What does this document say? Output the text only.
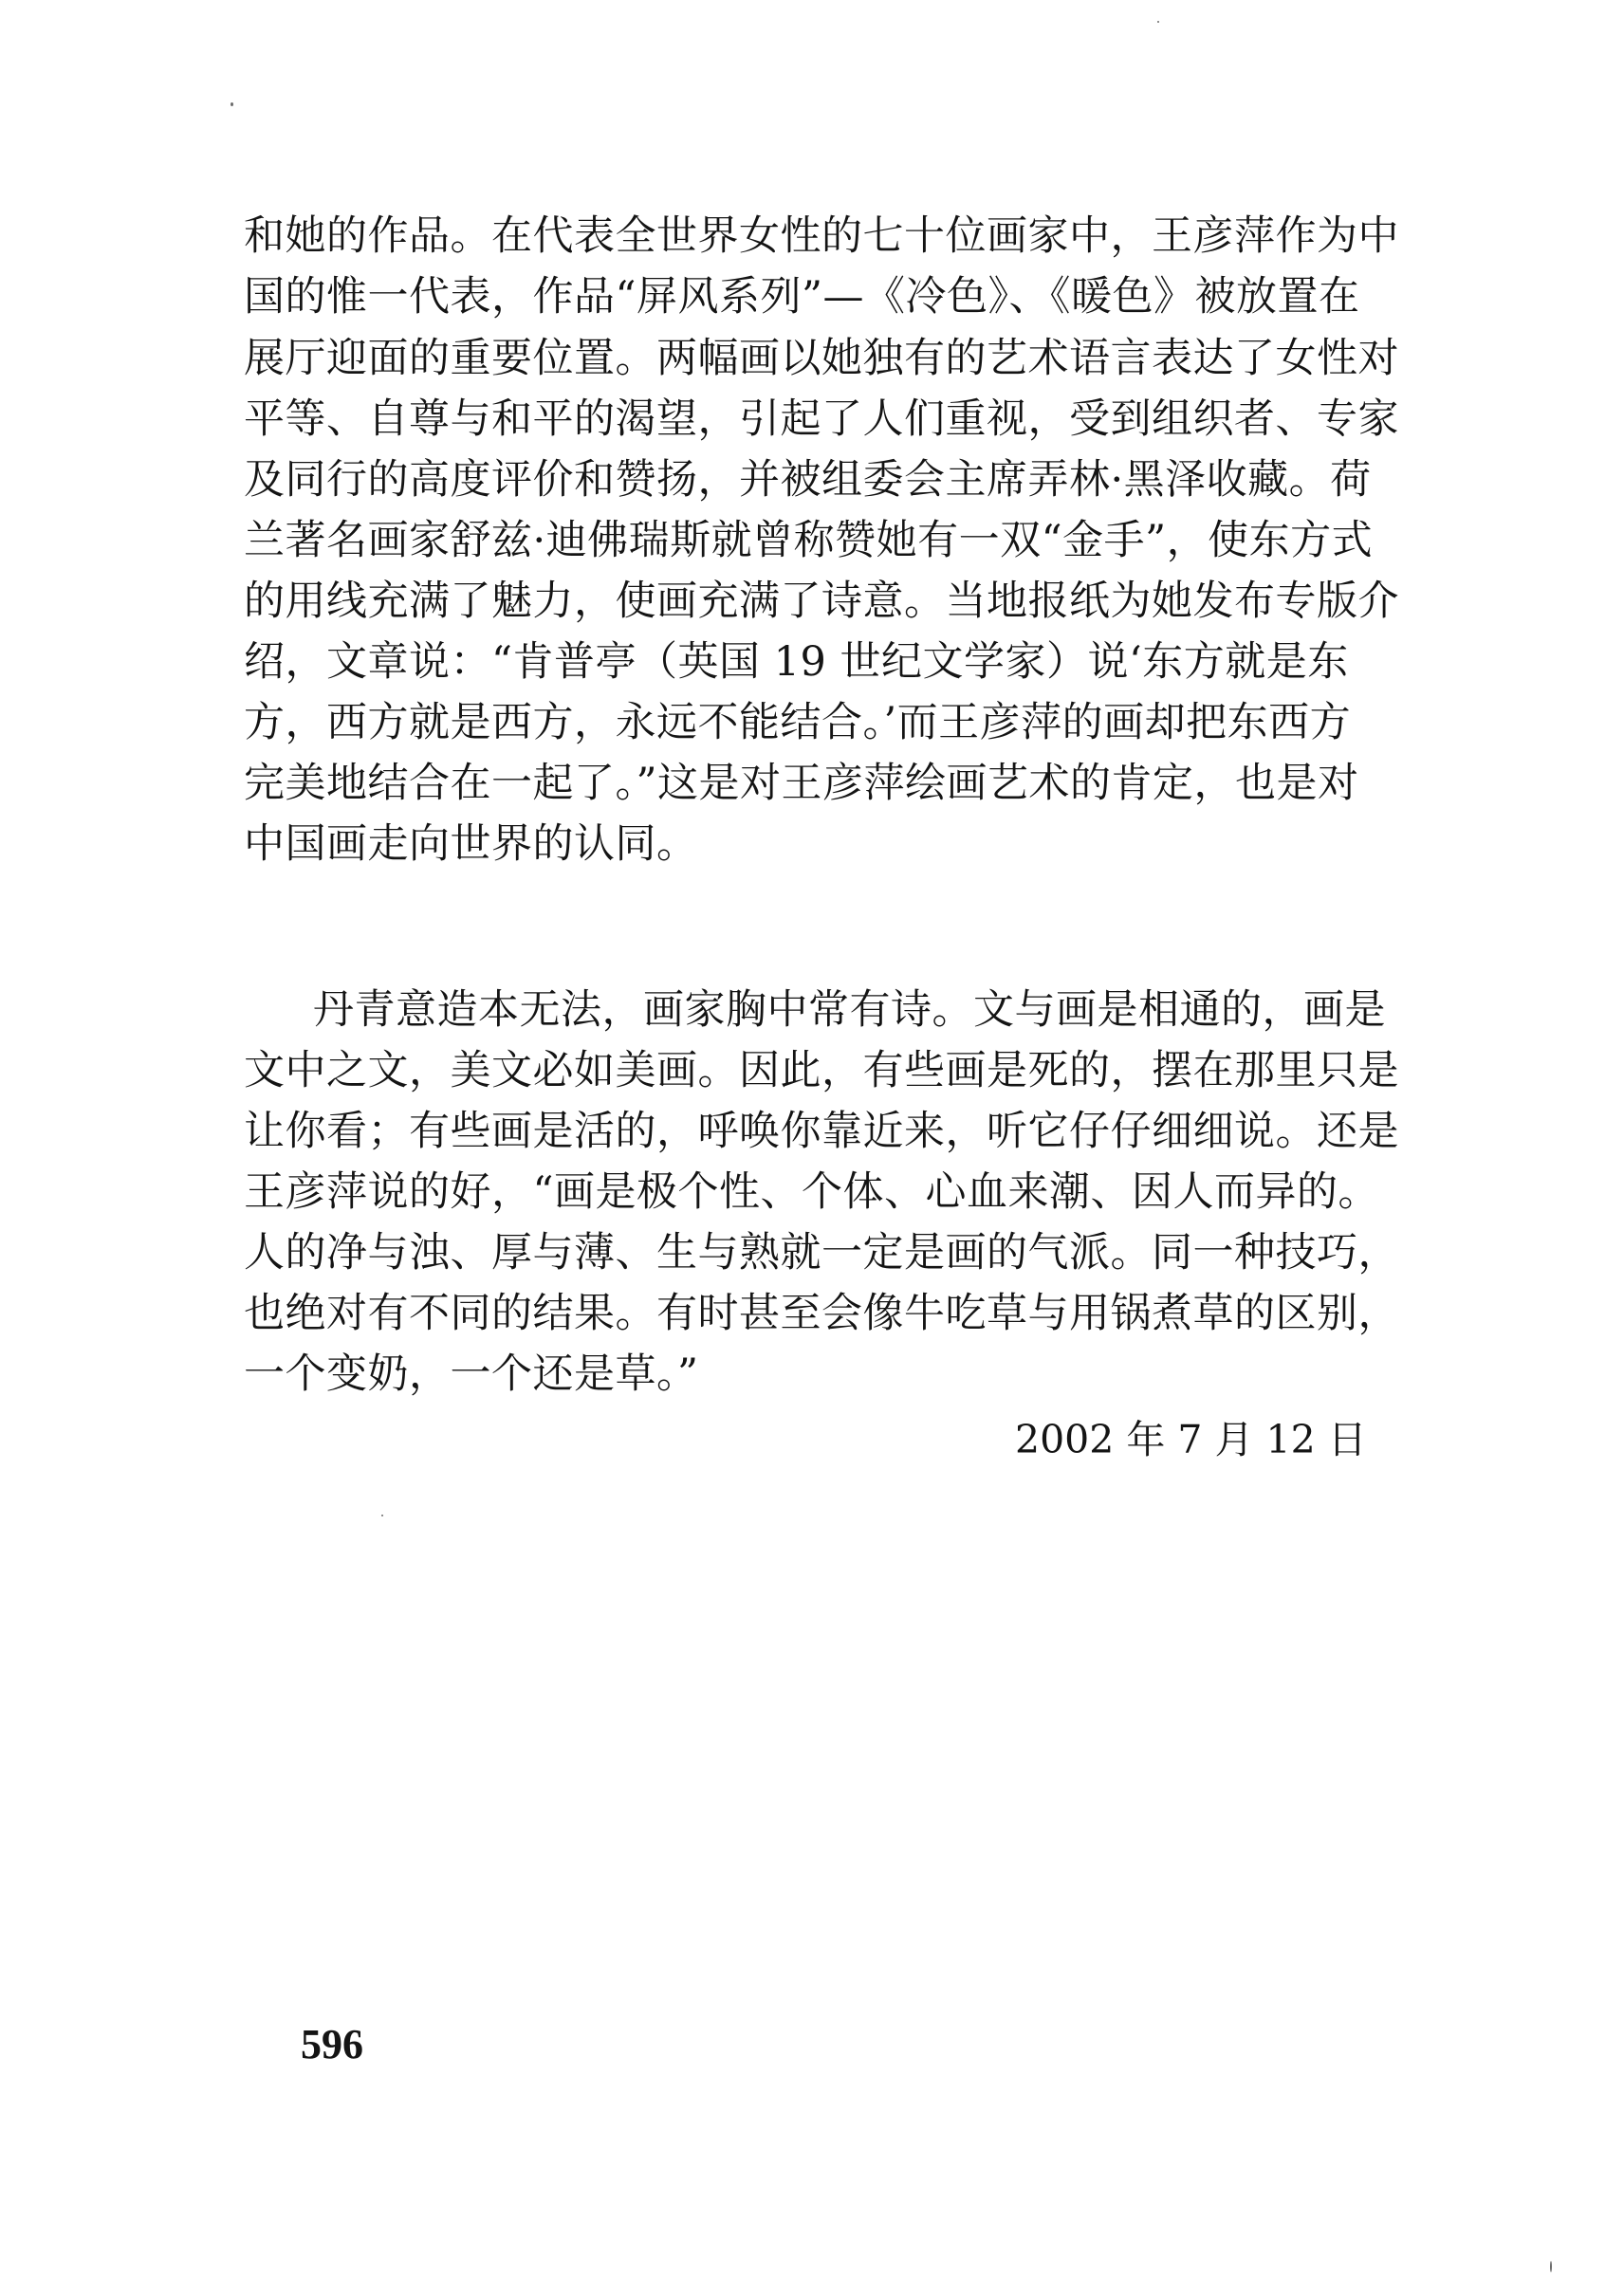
和她的作品。在代表全世界女性的七十位画家中，王彦萍作为中
国的惟一代表，作品“屏风系列”—《冷色》、《暖色》被放置在
展厅迎面的重要位置。两幅画以她独有的艺术语言表达了女性对
平等、自尊与和平的渴望，引起了人们重视，受到组织者、专家
及同行的高度评价和赞扬，并被组委会主席弄林·黑泽收藏。荷
兰著名画家舒兹·迪佛瑞斯就曾称赞她有一双“金手”，使东方式
的用线充满了魅力，使画充满了诗意。当地报纸为她发布专版介
绍，文章说：“肯普亭（英国 19 世纪文学家）说‘东方就是东
方，西方就是西方，永远不能结合。’而王彦萍的画却把东西方
完美地结合在一起了。”这是对王彦萍绘画艺术的肯定，也是对
中国画走向世界的认同。
丹青意造本无法，画家胸中常有诗。文与画是相通的，画是
文中之文，美文必如美画。因此，有些画是死的，摆在那里只是
让你看；有些画是活的，呼唤你靠近来，听它仔仔细细说。还是
王彦萍说的好，“画是极个性、个体、心血来潮、因人而异的。
人的净与浊、厚与薄、生与熟就一定是画的气派。同一种技巧，
也绝对有不同的结果。有时甚至会像牛吃草与用锅煮草的区别，
一个变奶，一个还是草。”
2002 年 7 月 12 日
596
